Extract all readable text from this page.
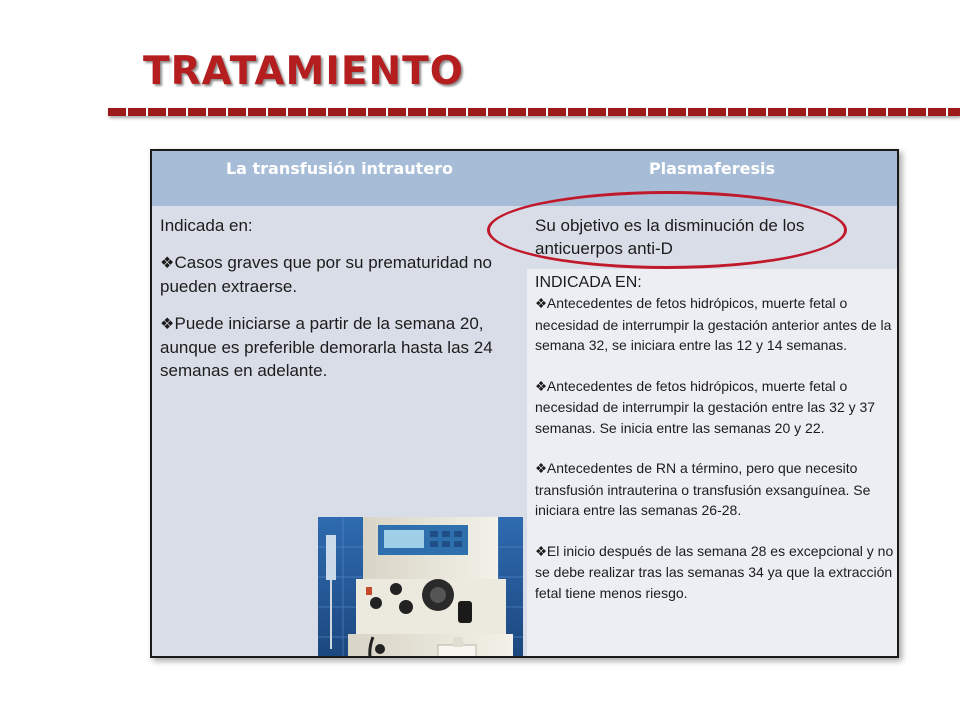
TRATAMIENTO
La transfusión intrautero	Plasmaferesis

Indicada en:

❖Casos graves que por su prematuridad no pueden extraerse.

❖Puede iniciarse a partir de la semana 20, aunque es preferible demorarla hasta las 24 semanas en adelante.

Su objetivo es la disminución de los anticuerpos anti-D

INDICADA EN:

❖Antecedentes de fetos hidrópicos, muerte fetal o necesidad de interrumpir la gestación anterior antes de la semana 32, se iniciara entre las 12 y 14 semanas.

❖Antecedentes de fetos hidrópicos, muerte fetal o necesidad de interrumpir la gestación entre las 32 y 37 semanas. Se inicia entre las semanas 20 y 22.

❖Antecedentes de RN a término, pero que necesito transfusión intrauterina o transfusión exsanguínea. Se iniciara entre las semanas 26-28.

❖El inicio después de las semana 28 es excepcional y no se debe realizar tras las semanas 34 ya que la extracción fetal tiene menos riesgo.
